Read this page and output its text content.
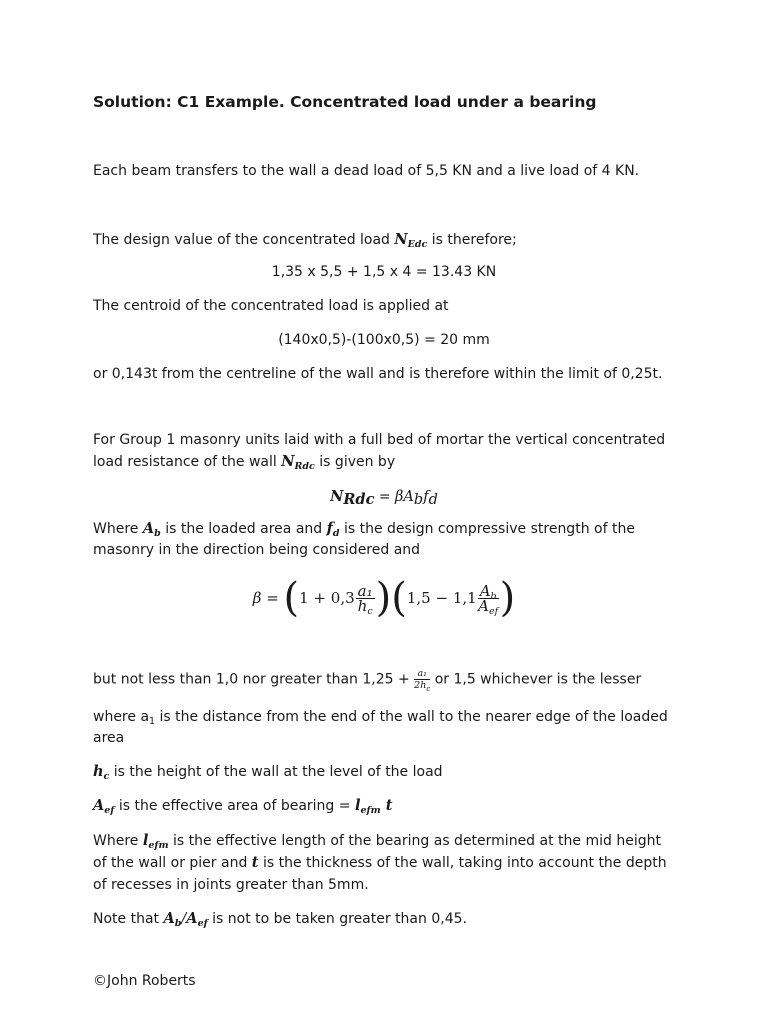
Solution: C1 Example. Concentrated load under a bearing
Each beam transfers to the wall a dead load of 5,5 KN and a live load of 4 KN.
The design value of the concentrated load $N_{Edc}$ is therefore;
1,35 x 5,5 + 1,5 x 4 = 13.43 KN
The centroid of the concentrated load is applied at
(140x0,5)-(100x0,5) = 20 mm
or 0,143t from the centreline of the wall and is therefore within the limit of 0,25t.
For Group 1 masonry units laid with a full bed of mortar the vertical concentrated
load resistance of the wall $N_{Rdc}$ is given by
$N_{Rdc} = \beta A_bf_d$
Where $A_b$ is the loaded area and $f_d$ is the design compressive strength of the
masonry in the direction being considered and
$\beta = (1 + 0,3 \frac{\text{a₁}}{h_c} )(1,5 - 1,1 \frac{A_b}{A_{ef}}$ )
but not less than 1,0 nor greater than $1,25 + \frac{\text{a₁}}{2h_c}$ or 1,5 whichever is the lesser
where $a_1$ is the distance from the end of the wall to the nearer edge of the loaded
area
$h_c$ is the height of the wall at the level of the load
$A_{ef}$ is the effective area of bearing = $l_{efm}$ t
Where $l_{efm}$ is the effective length of the bearing as determined at the mid height
of the wall or pier and t is the thickness of the wall, taking into account the depth
of recesses in joints greater than 5mm.
Note that $A_b/A_{ef}$ is not to be taken greater than 0,45.
©John Roberts
